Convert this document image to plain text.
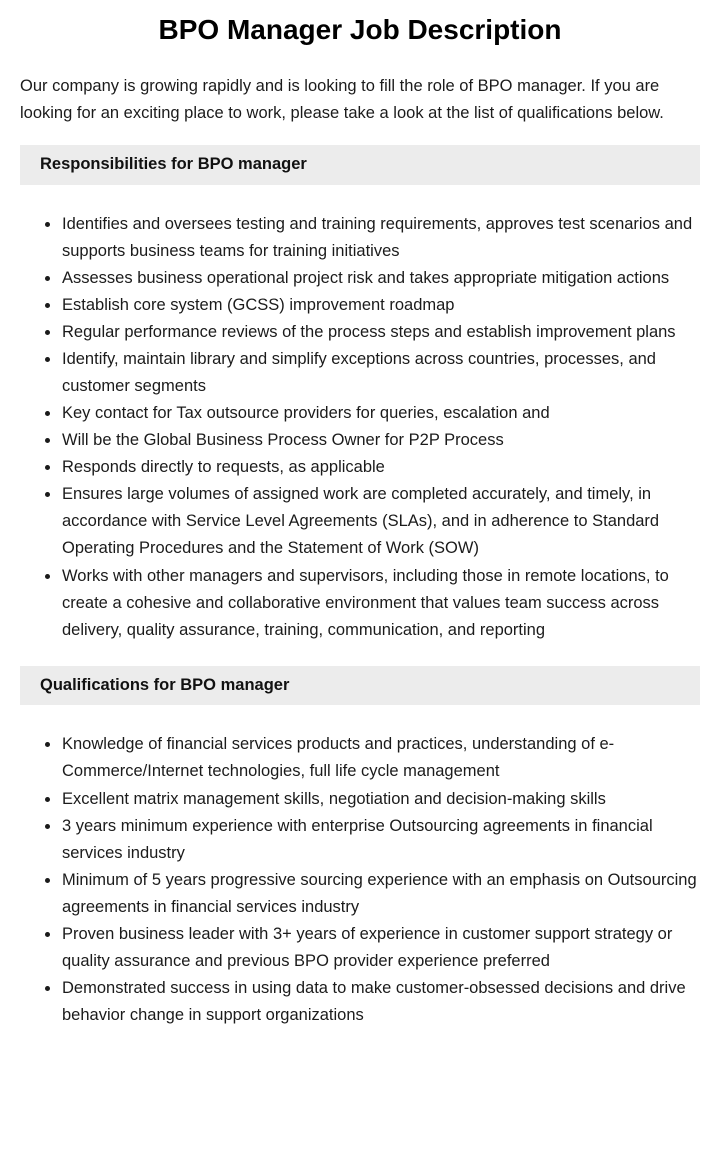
BPO Manager Job Description

Our company is growing rapidly and is looking to fill the role of BPO manager. If you are looking for an exciting place to work, please take a look at the list of qualifications below.

Responsibilities for BPO manager
• Identifies and oversees testing and training requirements, approves test scenarios and supports business teams for training initiatives
• Assesses business operational project risk and takes appropriate mitigation actions
• Establish core system (GCSS) improvement roadmap
• Regular performance reviews of the process steps and establish improvement plans
• Identify, maintain library and simplify exceptions across countries, processes, and customer segments
• Key contact for Tax outsource providers for queries, escalation and
• Will be the Global Business Process Owner for P2P Process
• Responds directly to requests, as applicable
• Ensures large volumes of assigned work are completed accurately, and timely, in accordance with Service Level Agreements (SLAs), and in adherence to Standard Operating Procedures and the Statement of Work (SOW)
• Works with other managers and supervisors, including those in remote locations, to create a cohesive and collaborative environment that values team success across delivery, quality assurance, training, communication, and reporting
Qualifications for BPO manager
• Knowledge of financial services products and practices, understanding of e-Commerce/Internet technologies, full life cycle management
• Excellent matrix management skills, negotiation and decision-making skills
• 3 years minimum experience with enterprise Outsourcing agreements in financial services industry
• Minimum of 5 years progressive sourcing experience with an emphasis on Outsourcing agreements in financial services industry
• Proven business leader with 3+ years of experience in customer support strategy or quality assurance and previous BPO provider experience preferred
• Demonstrated success in using data to make customer-obsessed decisions and drive behavior change in support organizations
